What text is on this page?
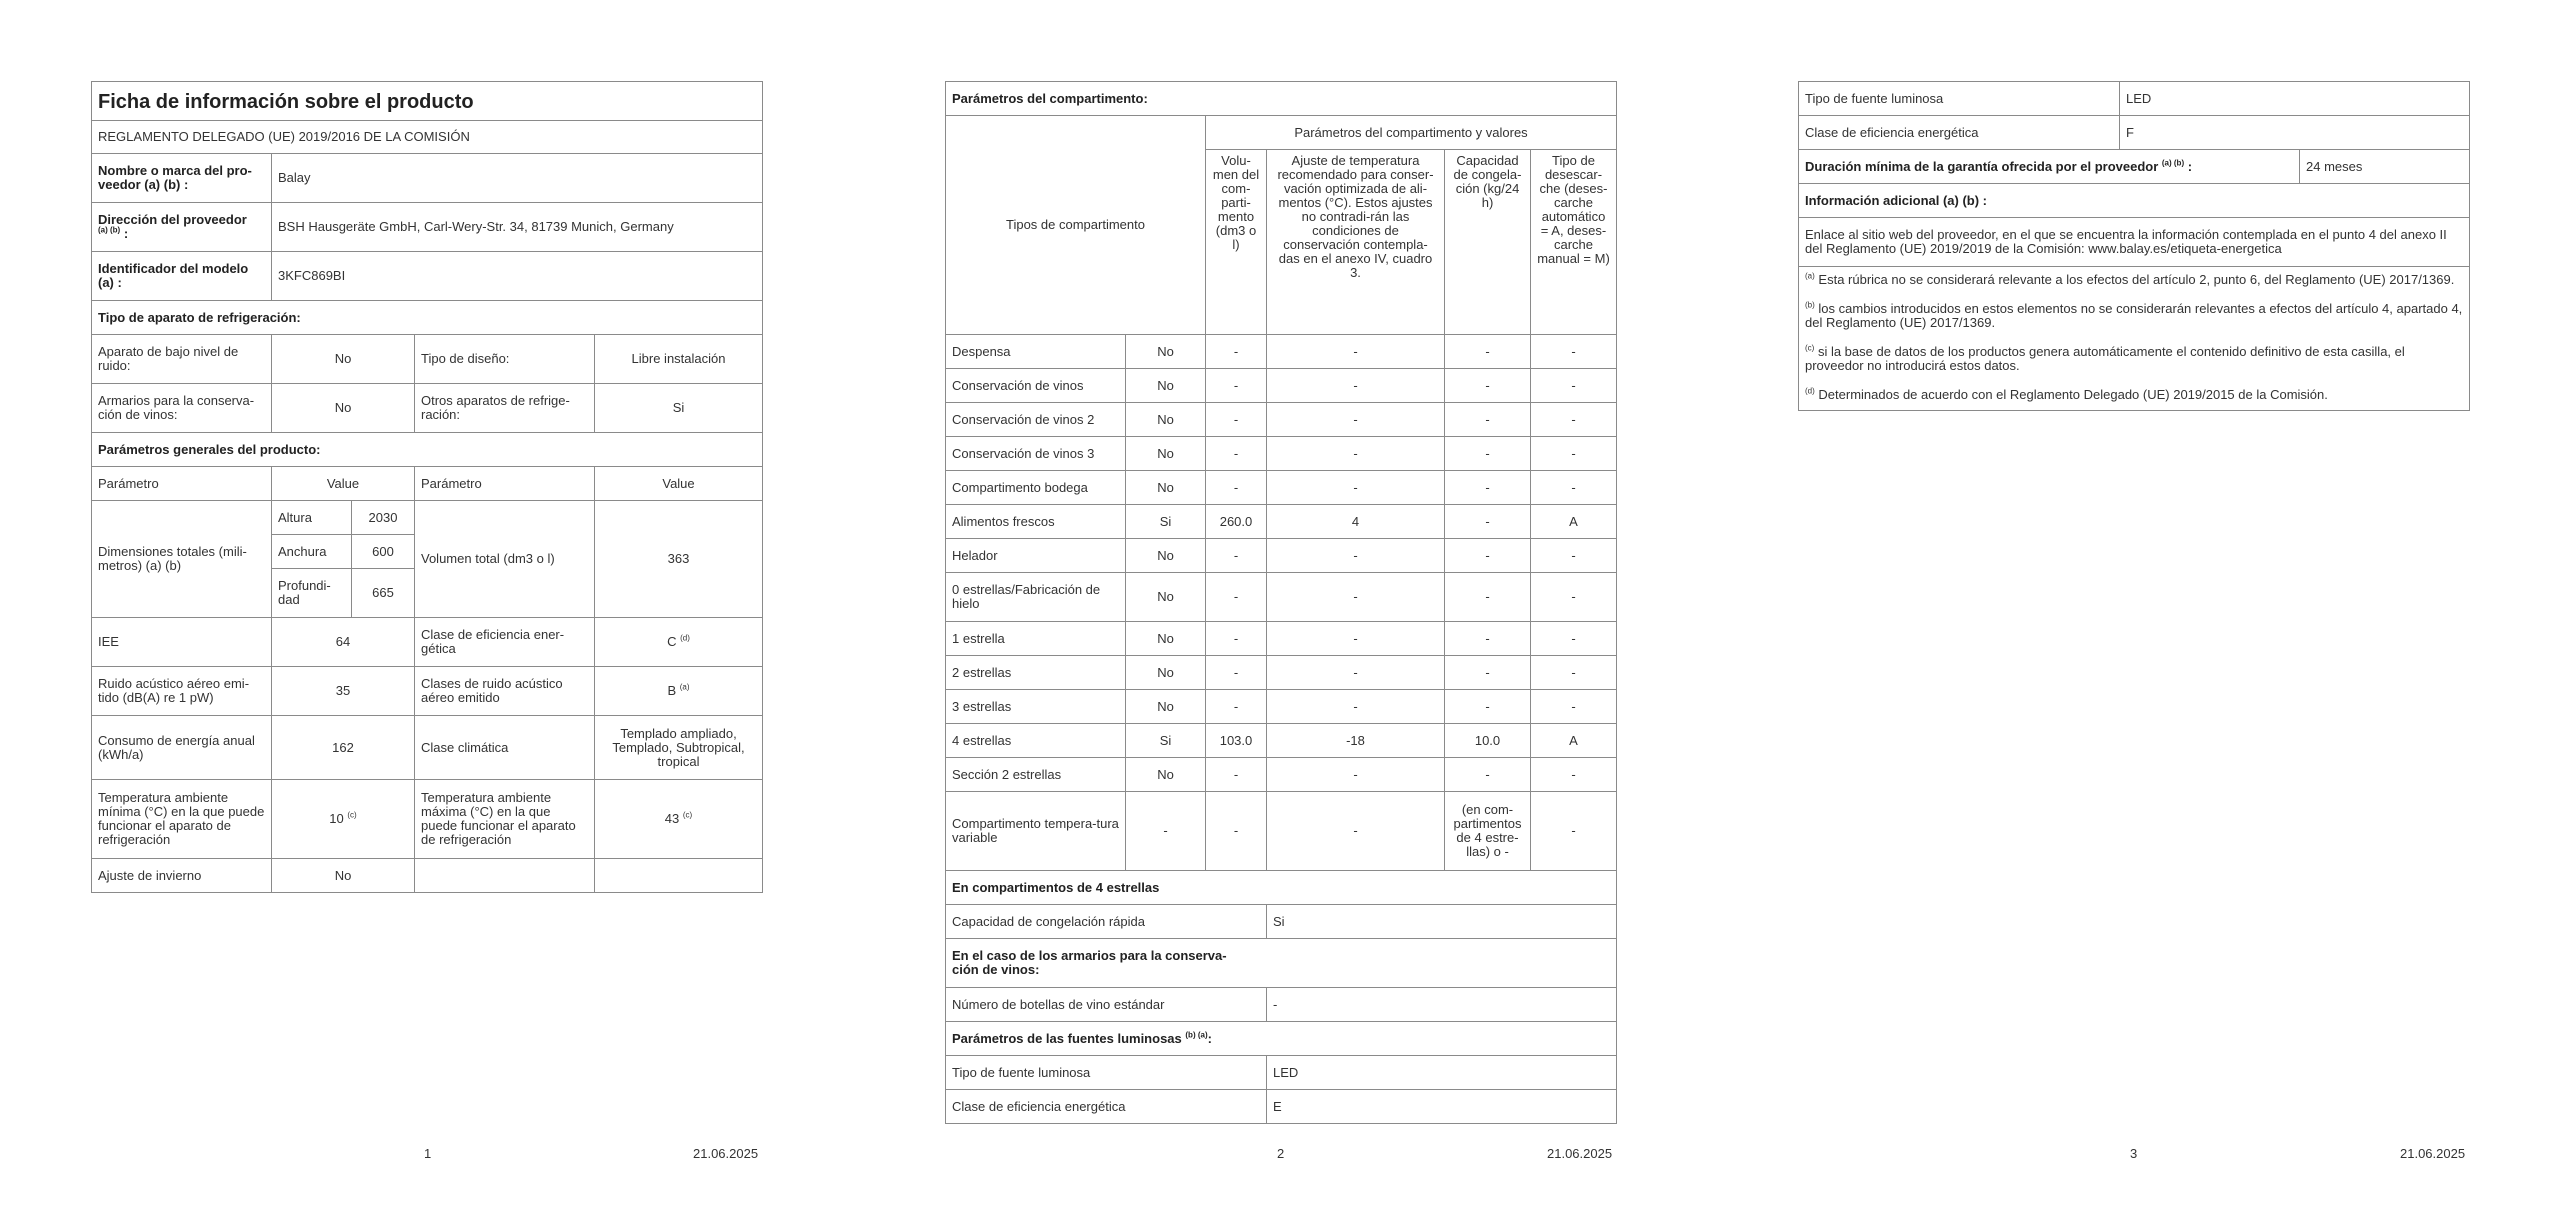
Ficha de información sobre el producto				
REGLAMENTO DELEGADO (UE) 2019/2016 DE LA COMISIÓN				
Nombre o marca del pro-veedor (a) (b) :	Balay			
Dirección del proveedor
$^{(a) (b)}$ :	BSH Hausgeräte GmbH, Carl-Wery-Str. 34, 81739 Munich, Germany			
Identificador del modelo (a) :	3KFC869BI			
Tipo de aparato de refrigeración:				
Aparato de bajo nivel de ruido:	No		Tipo de diseño:	Libre instalación
Armarios para la conserva-ción de vinos:	No		Otros aparatos de refrige-ración:	Si
Parámetros generales del producto:				
Parámetro	Value		Parámetro	Value
Dimensiones totales (mili-metros) (a) (b)	Altura	2030	Volumen total (dm3 o l)	363
	Anchura	600		
	Profundi-dad	665		
IEE	64		Clase de eficiencia ener-gética	C $^{(d)}$
Ruido acústico aéreo emi-tido (dB(A) re 1 pW)	35		Clases de ruido acústico aéreo emitido	B $^{(a)}$
Consumo de energía anual (kWh/a)	162		Clase climática	Templado ampliado, Templado, Subtropical, tropical
Temperatura ambiente mínima (°C) en la que puede funcionar el aparato de refrigeración	10 $^{(c)}$		Temperatura ambiente máxima (°C) en la que puede funcionar el aparato de refrigeración	43 $^{(c)}$
Ajuste de invierno	No			
1	21.06.2025
Parámetros del compartimento:					
Tipos de compartimento		Parámetros del compartimento y valores			
		Volu-men del com-parti-mento (dm3 o l)	Ajuste de temperatura recomendado para conser-vación optimizada de ali-mentos (°C). Estos ajustes no contradi-rán las condiciones de conservación contempla-das en el anexo IV, cuadro 3.	Capacidad de congela-ción (kg/24 h)	Tipo de desescar-che (deses-carche automático = A, deses-carche manual = M)
Despensa	No	-	-	-	-
Conservación de vinos	No	-	-	-	-
Conservación de vinos 2	No	-	-	-	-
Conservación de vinos 3	No	-	-	-	-
Compartimento bodega	No	-	-	-	-
Alimentos frescos	Si	260.0	4	-	A
Helador	No	-	-	-	-
0 estrellas/Fabricación de hielo	No	-	-	-	-
1 estrella	No	-	-	-	-
2 estrellas	No	-	-	-	-
3 estrellas	No	-	-	-	-
4 estrellas	Si	103.0	-18	10.0	A
Sección 2 estrellas	No	-	-	-	-
Compartimento tempera-tura variable	-	-	-	(en com-partimentos de 4 estre-llas) o -	-
En compartimentos de 4 estrellas					
Capacidad de congelación rápida			Si		

En el caso de los armarios para la conserva-ción de vinos:					

Número de botellas de vino estándar			-		
Parámetros de las fuentes luminosas $^{(b) (a)}$:					
Tipo de fuente luminosa			LED		
Clase de eficiencia energética			E		
2	21.06.2025
Tipo de fuente luminosa	LED	
Clase de eficiencia energética	F	
Duración mínima de la garantía ofrecida por el proveedor $^{(a) (b)}$ :		24 meses
Información adicional (a) (b) :		
Enlace al sitio web del proveedor, en el que se encuentra la información contemplada en el punto 4 del anexo II del Reglamento (UE) 2019/2019 de la Comisión: www.balay.es/etiqueta-energetica		

$^{(a)}$ Esta rúbrica no se considerará relevante a los efectos del artículo 2, punto 6, del Reglamento (UE) 2017/1369.
$^{(b)}$ los cambios introducidos en estos elementos no se considerarán relevantes a efectos del artículo 4, apartado 4, del Reglamento (UE) 2017/1369.
$^{(c)}$ si la base de datos de los productos genera automáticamente el contenido definitivo de esta casilla, el proveedor no introducirá estos datos.
$^{(d)}$ Determinados de acuerdo con el Reglamento Delegado (UE) 2019/2015 de la Comisión.		
3	21.06.2025
